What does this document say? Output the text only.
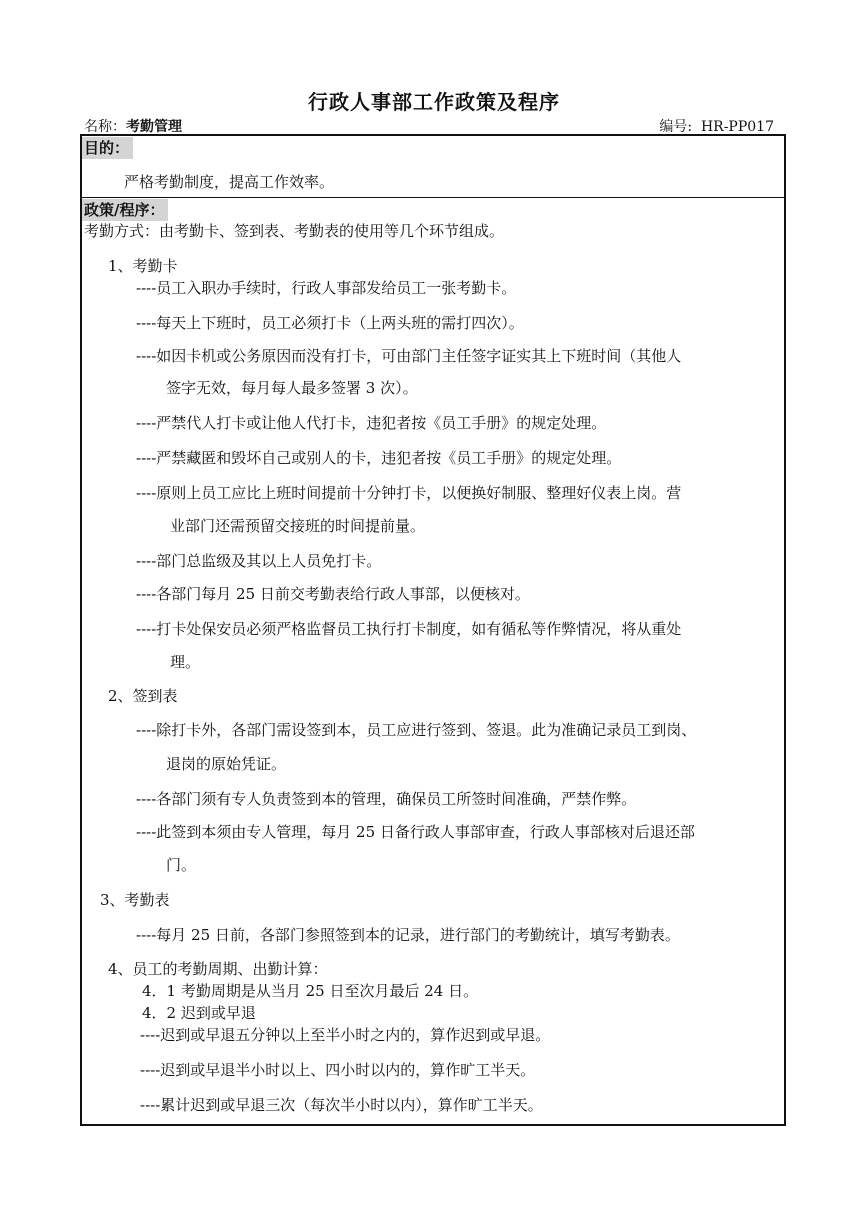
行政人事部工作政策及程序
名称：考勤管理	编号: HR-PP017
目的：
严格考勤制度，提高工作效率。
政策/程序：
考勤方式：由考勤卡、签到表、考勤表的使用等几个环节组成。
1、考勤卡
----员工入职办手续时，行政人事部发给员工一张考勤卡。
----每天上下班时，员工必须打卡（上两头班的需打四次）。
----如因卡机或公务原因而没有打卡，可由部门主任签字证实其上下班时间（其他人
签字无效，每月每人最多签署 3 次）。
----严禁代人打卡或让他人代打卡，违犯者按《员工手册》的规定处理。
----严禁藏匿和毁坏自己或别人的卡，违犯者按《员工手册》的规定处理。
----原则上员工应比上班时间提前十分钟打卡，以便换好制服、整理好仪表上岗。营
业部门还需预留交接班的时间提前量。
----部门总监级及其以上人员免打卡。
----各部门每月 25 日前交考勤表给行政人事部，以便核对。
----打卡处保安员必须严格监督员工执行打卡制度，如有循私等作弊情况，将从重处
理。
2、签到表
----除打卡外，各部门需设签到本，员工应进行签到、签退。此为准确记录员工到岗、
退岗的原始凭证。
----各部门须有专人负责签到本的管理，确保员工所签时间准确，严禁作弊。
----此签到本须由专人管理，每月 25 日备行政人事部审查，行政人事部核对后退还部
门。
3、考勤表
----每月 25 日前，各部门参照签到本的记录，进行部门的考勤统计，填写考勤表。
4、员工的考勤周期、出勤计算：
4．1 考勤周期是从当月 25 日至次月最后 24 日。
4．2 迟到或早退
----迟到或早退五分钟以上至半小时之内的，算作迟到或早退。
----迟到或早退半小时以上、四小时以内的，算作旷工半天。
----累计迟到或早退三次（每次半小时以内），算作旷工半天。
